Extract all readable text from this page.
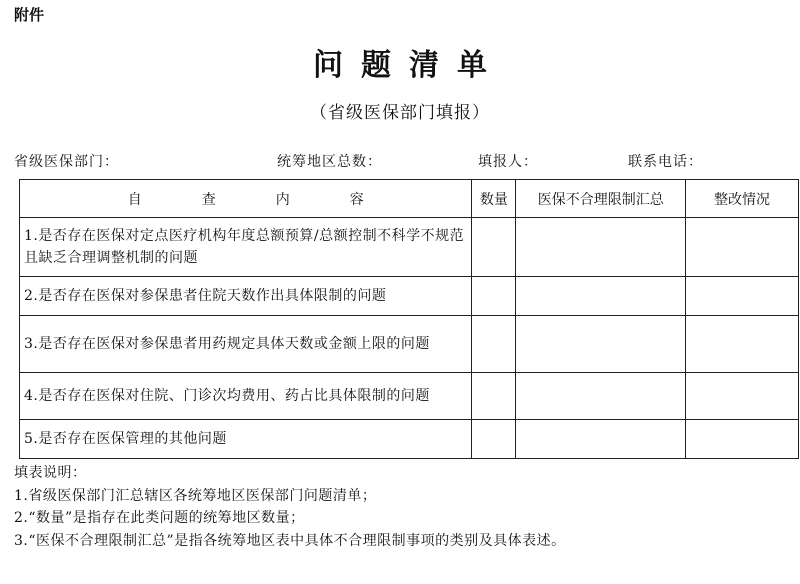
附件
问题清单
（省级医保部门填报）
省级医保部门：	统筹地区总数：	填报人：	联系电话：
自查内容	数量	医保不合理限制汇总	整改情况
1.是否存在医保对定点医疗机构年度总额预算/总额控制不科学不规范且缺乏合理调整机制的问题			
2.是否存在医保对参保患者住院天数作出具体限制的问题			
3.是否存在医保对参保患者用药规定具体天数或金额上限的问题			
4.是否存在医保对住院、门诊次均费用、药占比具体限制的问题			
5.是否存在医保管理的其他问题			
填表说明：
1.省级医保部门汇总辖区各统筹地区医保部门问题清单；
2.“数量”是指存在此类问题的统筹地区数量；
3.“医保不合理限制汇总”是指各统筹地区表中具体不合理限制事项的类别及具体表述。
